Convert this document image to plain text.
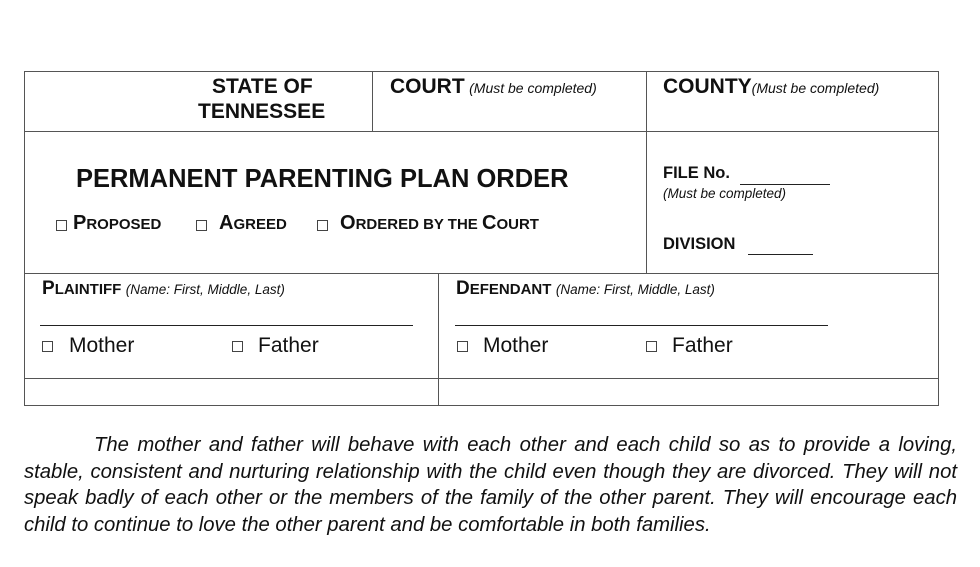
STATE OF
TENNESSEE
COURT (Must be completed)	COUNTY(Must be completed)
PERMANENT PARENTING PLAN ORDER
PROPOSED	AGREED	ORDERED BY THE COURT
FILE No.
(Must be completed)
DIVISION
PLAINTIFF (Name: First, Middle, Last)
Mother	Father
DEFENDANT (Name: First, Middle, Last)
Mother	Father
The mother and father will behave with each other and each child so as to provide a loving, stable, consistent and nurturing relationship with the child even though they are divorced. They will not speak badly of each other or the members of the family of the other parent. They will encourage each child to continue to love the other parent and be comfortable in both families.
